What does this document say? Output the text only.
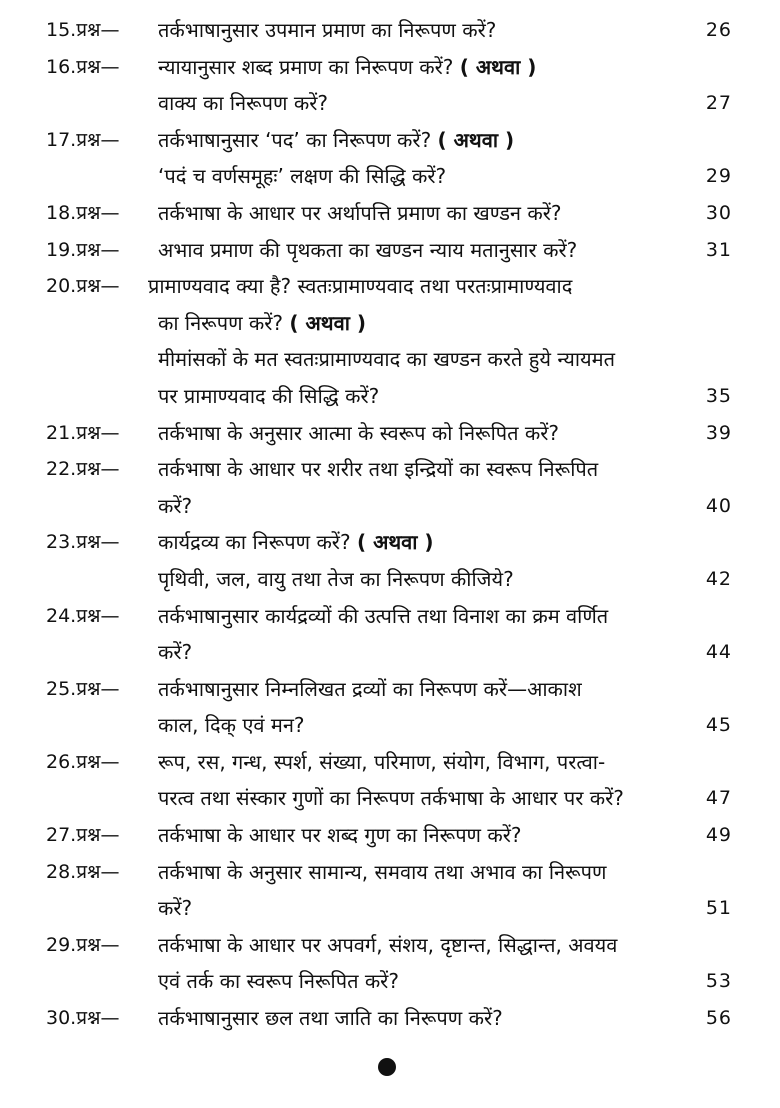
15.प्रश्न— तर्कभाषानुसार उपमान प्रमाण का निरूपण करें?	26
16.प्रश्न— न्यायानुसार शब्द प्रमाण का निरूपण करें? ( अथवा )
वाक्य का निरूपण करें?	27
17.प्रश्न— तर्कभाषानुसार ‘पद’ का निरूपण करें? ( अथवा )
‘पदं च वर्णसमूहः’ लक्षण की सिद्धि करें?	29
18.प्रश्न— तर्कभाषा के आधार पर अर्थापत्ति प्रमाण का खण्डन करें?	30
19.प्रश्न— अभाव प्रमाण की पृथकता का खण्डन न्याय मतानुसार करें?	31
20.प्रश्न— प्रामाण्यवाद क्या है? स्वतःप्रामाण्यवाद तथा परतःप्रामाण्यवाद
का निरूपण करें? ( अथवा )
मीमांसकों के मत स्वतःप्रामाण्यवाद का खण्डन करते हुये न्यायमत
पर प्रामाण्यवाद की सिद्धि करें?	35
21.प्रश्न— तर्कभाषा के अनुसार आत्मा के स्वरूप को निरूपित करें?	39
22.प्रश्न— तर्कभाषा के आधार पर शरीर तथा इन्द्रियों का स्वरूप निरूपित
करें?	40
23.प्रश्न— कार्यद्रव्य का निरूपण करें? ( अथवा )
पृथिवी, जल, वायु तथा तेज का निरूपण कीजिये?	42
24.प्रश्न— तर्कभाषानुसार कार्यद्रव्यों की उत्पत्ति तथा विनाश का क्रम वर्णित
करें?	44
25.प्रश्न— तर्कभाषानुसार निम्नलिखत द्रव्यों का निरूपण करें—आकाश
काल, दिक् एवं मन?	45
26.प्रश्न— रूप, रस, गन्ध, स्पर्श, संख्या, परिमाण, संयोग, विभाग, परत्वा-
परत्व तथा संस्कार गुणों का निरूपण तर्कभाषा के आधार पर करें?	47
27.प्रश्न— तर्कभाषा के आधार पर शब्द गुण का निरूपण करें?	49
28.प्रश्न— तर्कभाषा के अनुसार सामान्य, समवाय तथा अभाव का निरूपण
करें?	51
29.प्रश्न— तर्कभाषा के आधार पर अपवर्ग, संशय, दृष्टान्त, सिद्धान्त, अवयव
एवं तर्क का स्वरूप निरूपित करें?	53
30.प्रश्न— तर्कभाषानुसार छल तथा जाति का निरूपण करें?	56
